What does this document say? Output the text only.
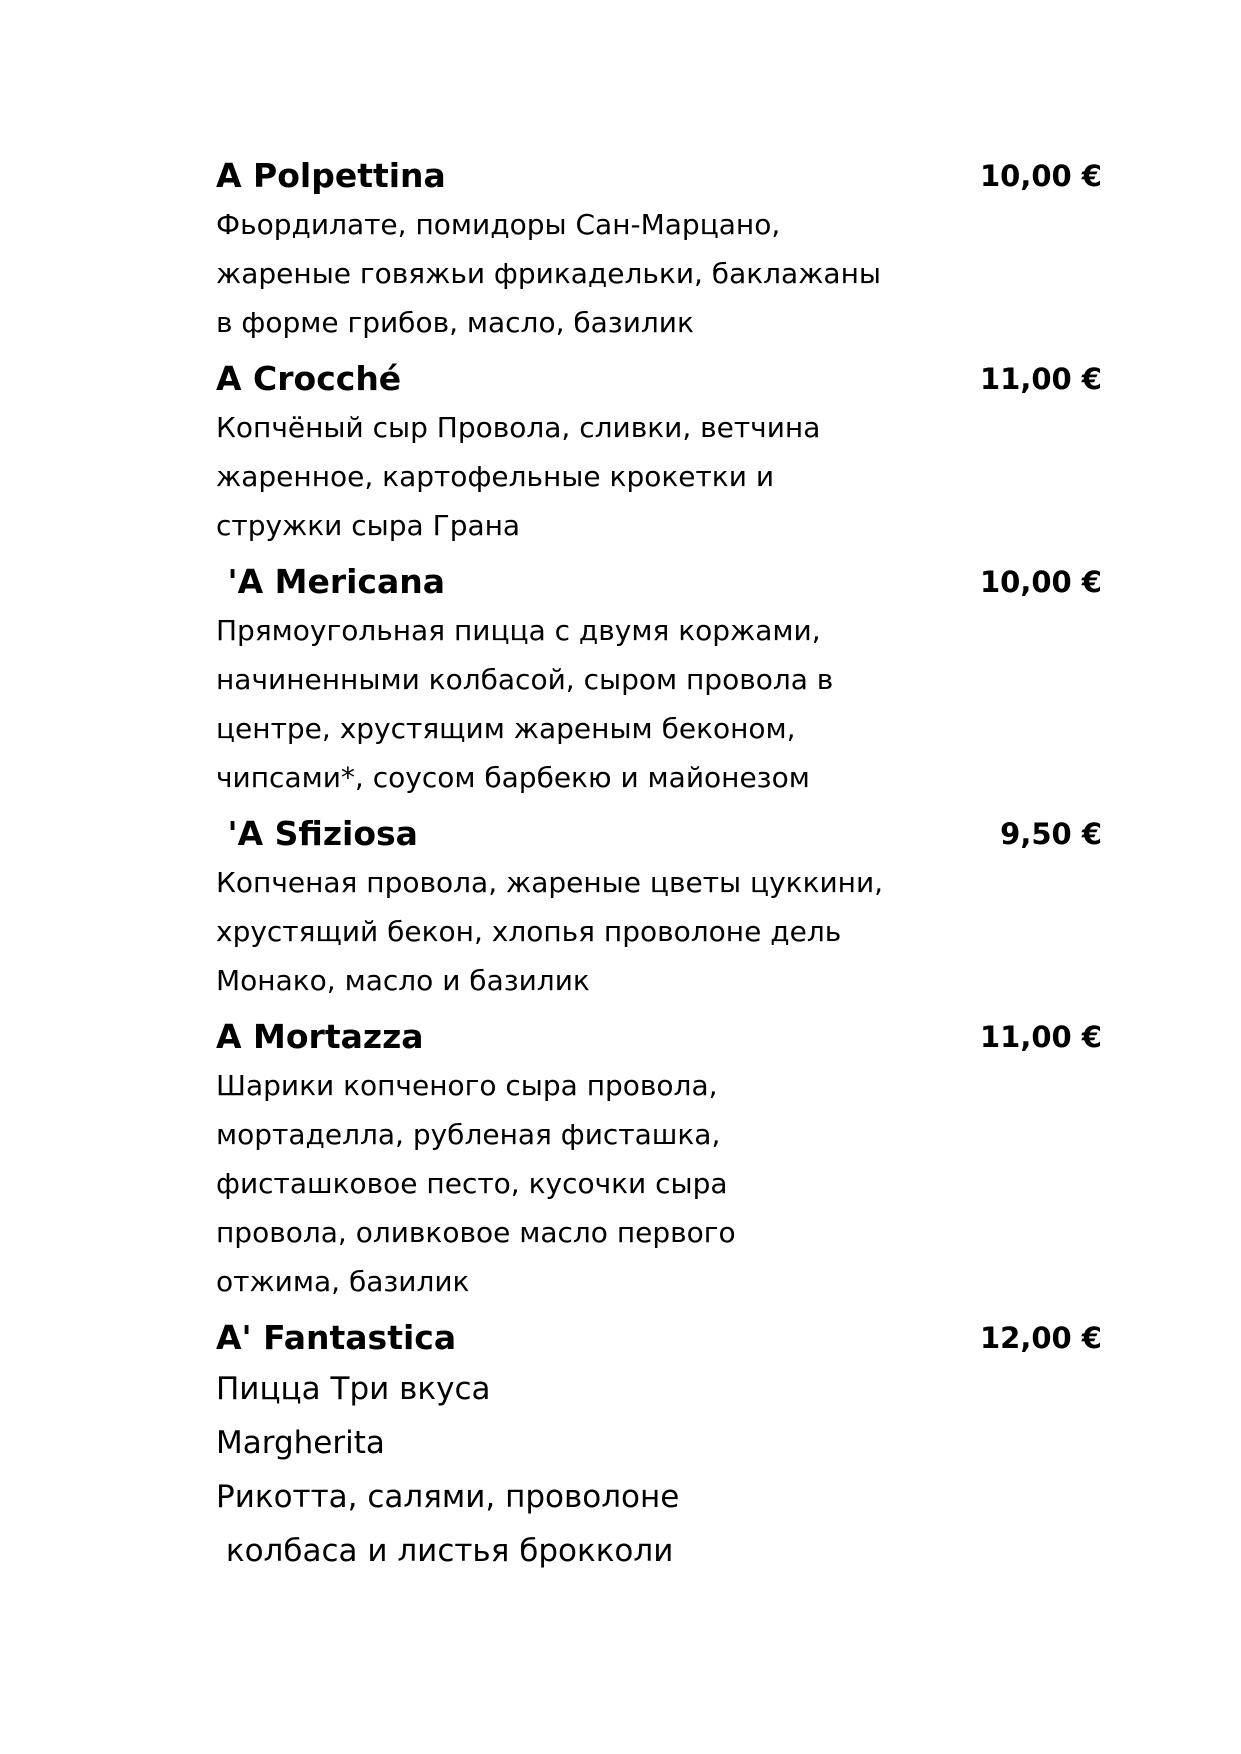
A Polpettina	10,00 €

Фьордилате, помидоры Сан-Марцано,
жареные говяжьи фрикадельки, баклажаны
в форме грибов, масло, базилик

A Crocché	11,00 €

Копчёный сыр Провола, сливки, ветчина
жаренное, картофельные крокетки и
стружки сыра Грана

'A Mericana	10,00 €

Прямоугольная пицца с двумя коржами,
начиненными колбасой, сыром провола в
центре, хрустящим жареным беконом,
чипсами*, соусом барбекю и майонезом

'A Sfiziosa	9,50 €

Копченая провола, жареные цветы цуккини,
хрустящий бекон, хлопья проволоне дель
Монако, масло и базилик

A Mortazza	11,00 €

Шарики копченого сыра провола,
мортаделла, рубленая фисташка,
фисташковое песто, кусочки сыра
провола, оливковое масло первого
отжима, базилик

A' Fantastica	12,00 €

Пицца Три вкуса
Margherita
Рикотта, салями, проволоне
колбаса и листья брокколи
